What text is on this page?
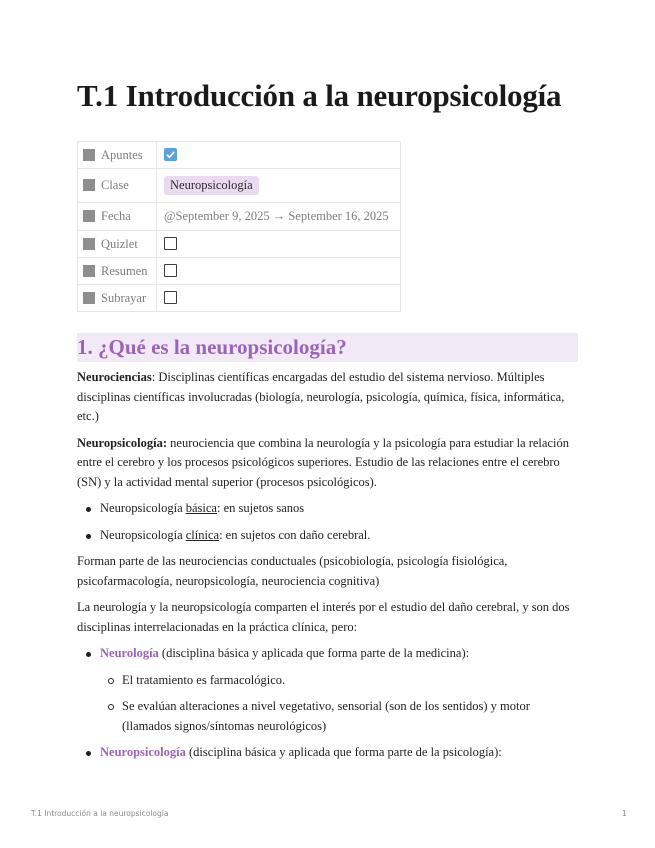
T.1 Introducción a la neuropsicología
Apuntes	

Clase	Neuropsicología
Fecha	@September 9, 2025 → September 16, 2025
Quizlet	
Resumen	
Subrayar	
1. ¿Qué es la neuropsicología?

Neurociencias: Disciplinas científicas encargadas del estudio del sistema nervioso. Múltiples disciplinas científicas involucradas (biología, neurología, psicología, química, física, informática, etc.)

Neuropsicología: neurociencia que combina la neurología y la psicología para estudiar la relación entre el cerebro y los procesos psicológicos superiores. Estudio de las relaciones entre el cerebro (SN) y la actividad mental superior (procesos psicológicos).

Neuropsicología básica: en sujetos sanos
Neuropsicología clínica: en sujetos con daño cerebral.

Forman parte de las neurociencias conductuales (psicobiología, psicología fisiológica, psicofarmacología, neuropsicología, neurociencia cognitiva)

La neurología y la neuropsicología comparten el interés por el estudio del daño cerebral, y son dos disciplinas interrelacionadas en la práctica clínica, pero:

Neurología (disciplina básica y aplicada que forma parte de la medicina):
El tratamiento es farmacológico.
Se evalúan alteraciones a nivel vegetativo, sensorial (son de los sentidos) y motor (llamados signos/síntomas neurológicos)
Neuropsicología (disciplina básica y aplicada que forma parte de la psicología):
T.1 Introducción a la neuropsicología	1
